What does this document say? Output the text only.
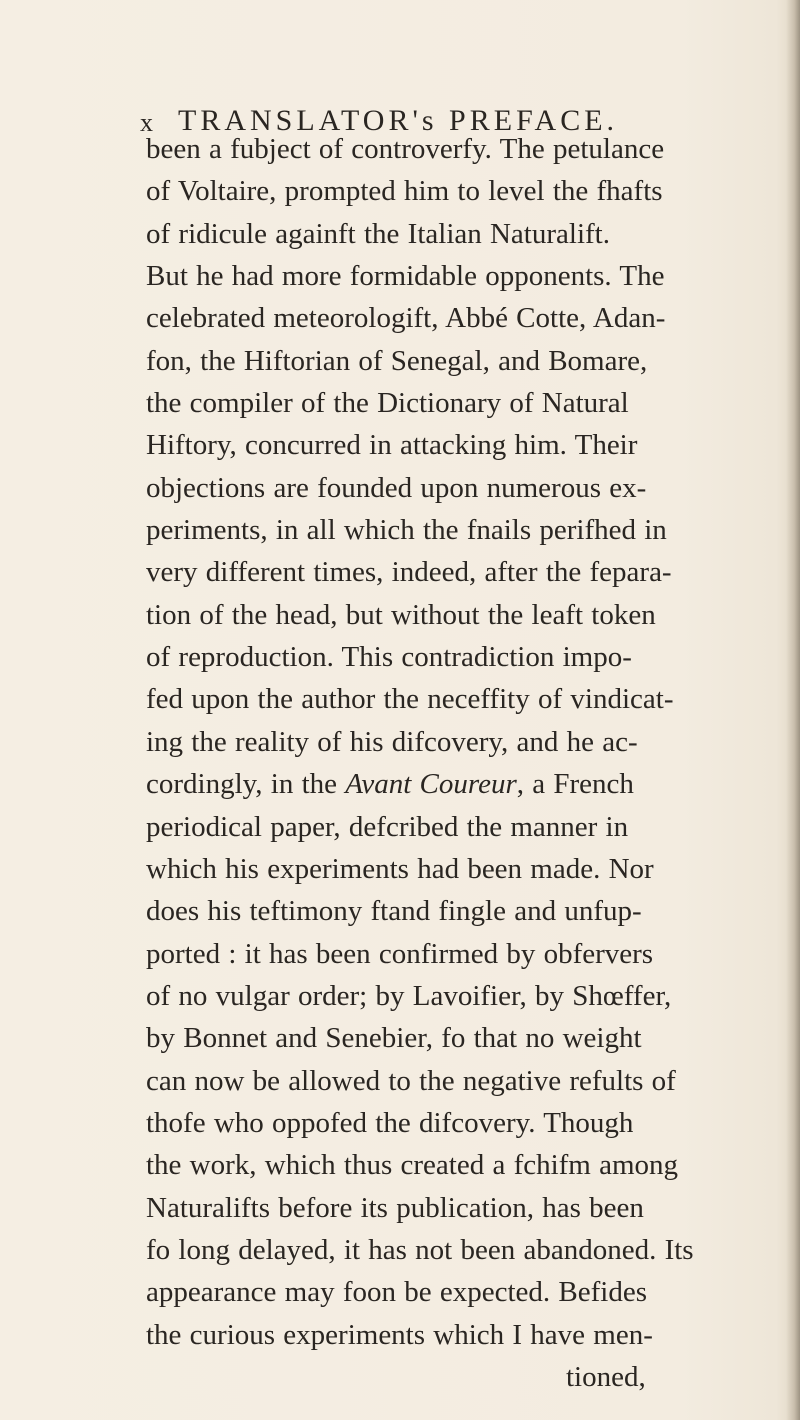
x TRANSLATOR's PREFACE.
been a fubject of controverfy. The petulance
of Voltaire, prompted him to level the fhafts
of ridicule againft the Italian Naturalift.
But he had more formidable opponents. The
celebrated meteorologift, Abbé Cotte, Adan-
fon, the Hiftorian of Senegal, and Bomare,
the compiler of the Dictionary of Natural
Hiftory, concurred in attacking him. Their
objections are founded upon numerous ex-
periments, in all which the fnails perifhed in
very different times, indeed, after the fepara-
tion of the head, but without the leaft token
of reproduction. This contradiction impo-
fed upon the author the neceffity of vindicat-
ing the reality of his difcovery, and he ac-
cordingly, in the Avant Coureur, a French
periodical paper, defcribed the manner in
which his experiments had been made. Nor
does his teftimony ftand fingle and unfup-
ported : it has been confirmed by obfervers
of no vulgar order; by Lavoifier, by Shœffer,
by Bonnet and Senebier, fo that no weight
can now be allowed to the negative refults of
thofe who oppofed the difcovery. Though
the work, which thus created a fchifm among
Naturalifts before its publication, has been
fo long delayed, it has not been abandoned. Its
appearance may foon be expected. Befides
the curious experiments which I have men-
tioned,
